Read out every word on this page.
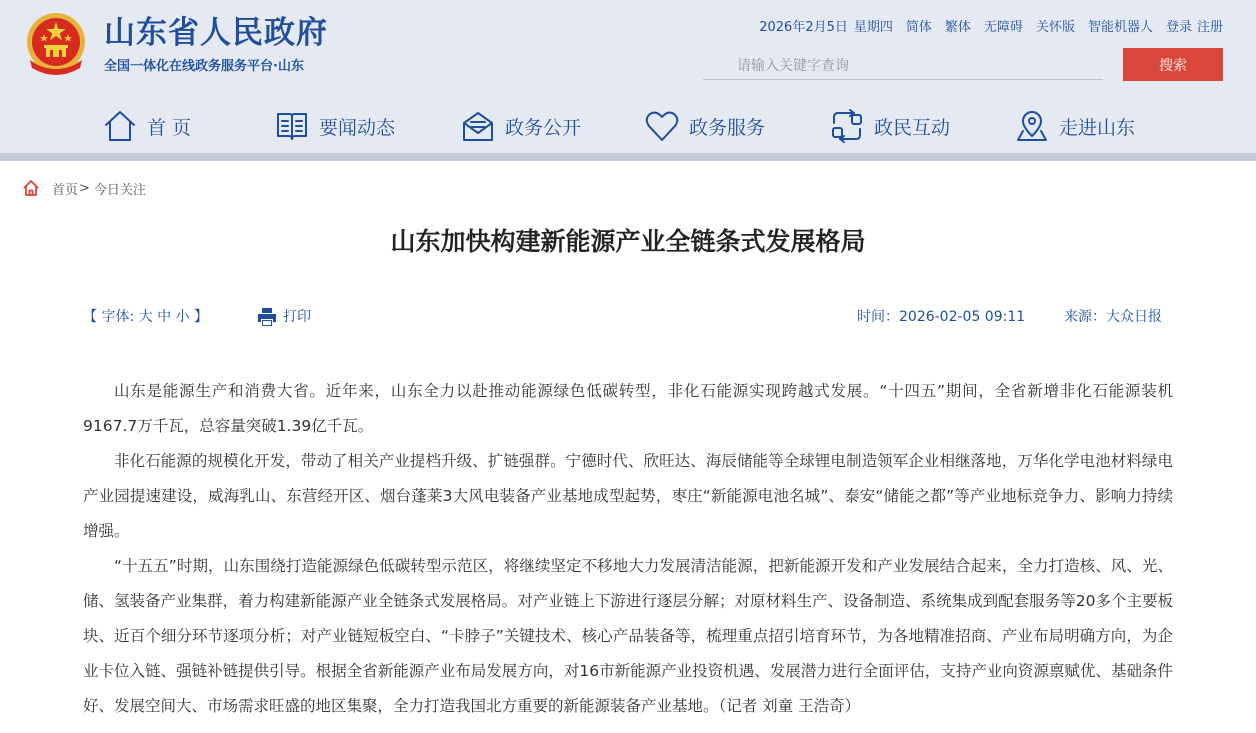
山东省人民政府
全国一体化在线政务服务平台·山东
2026年2月5日 星期四 简体 繁体 无障碍 关怀版 智能机器人 登录 注册
请输入关键字查询
搜索
首 页	要闻动态	政务公开	政务服务	政民互动	走进山东
首页 > 今日关注
山东加快构建新能源产业全链条式发展格局
【 字体: 大 中 小 】	打印	时间：2026-02-05 09:11	来源：大众日报

山东是能源生产和消费大省。近年来，山东全力以赴推动能源绿色低碳转型，非化石能源实现跨越式发展。“十四五”期间，全省新增非化石能源装机9167.7万千瓦，总容量突破1.39亿千瓦。

非化石能源的规模化开发，带动了相关产业提档升级、扩链强群。宁德时代、欣旺达、海辰储能等全球锂电制造领军企业相继落地，万华化学电池材料绿电产业园提速建设，威海乳山、东营经开区、烟台蓬莱3大风电装备产业基地成型起势，枣庄“新能源电池名城”、泰安“储能之都”等产业地标竞争力、影响力持续增强。

“十五五”时期，山东围绕打造能源绿色低碳转型示范区，将继续坚定不移地大力发展清洁能源，把新能源开发和产业发展结合起来，全力打造核、风、光、储、氢装备产业集群，着力构建新能源产业全链条式发展格局。对产业链上下游进行逐层分解；对原材料生产、设备制造、系统集成到配套服务等20多个主要板块、近百个细分环节逐项分析；对产业链短板空白、“卡脖子”关键技术、核心产品装备等，梳理重点招引培育环节，为各地精准招商、产业布局明确方向，为企业卡位入链、强链补链提供引导。根据全省新能源产业布局发展方向，对16市新能源产业投资机遇、发展潜力进行全面评估，支持产业向资源禀赋优、基础条件好、发展空间大、市场需求旺盛的地区集聚，全力打造我国北方重要的新能源装备产业基地。（记者 刘童 王浩奇）
